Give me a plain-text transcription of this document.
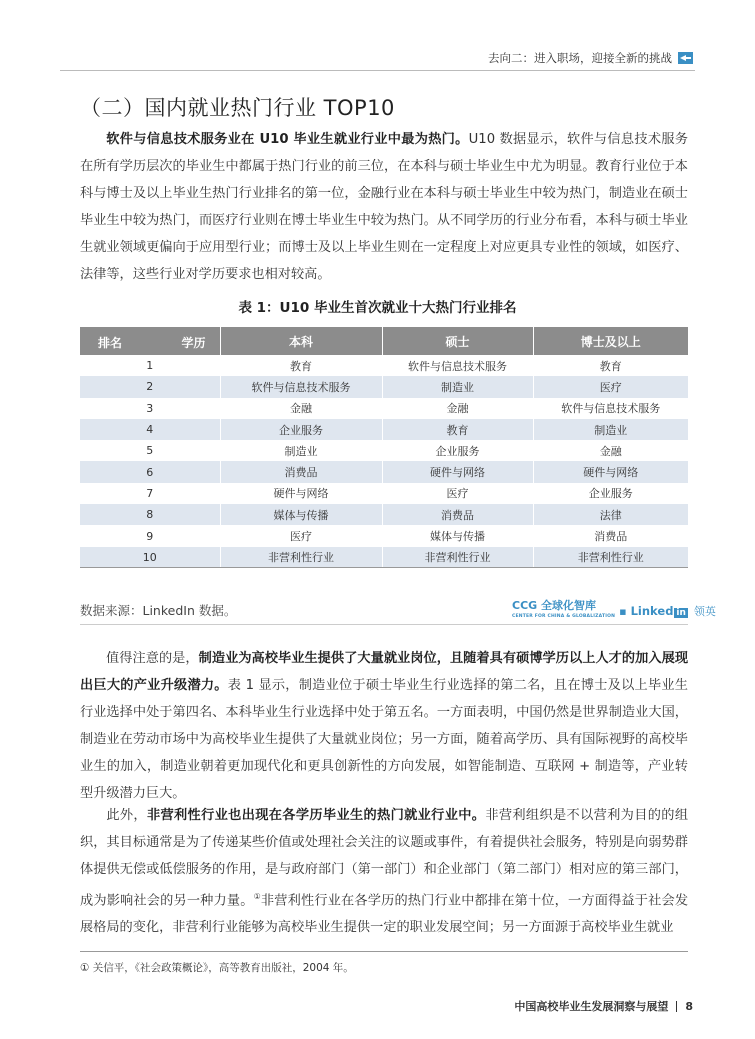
去向二：进入职场，迎接全新的挑战
（二）国内就业热门行业 TOP10
软件与信息技术服务业在 U10 毕业生就业行业中最为热门。U10 数据显示，软件与信息技术服务在所有学历层次的毕业生中都属于热门行业的前三位，在本科与硕士毕业生中尤为明显。教育行业位于本科与博士及以上毕业生热门行业排名的第一位，金融行业在本科与硕士毕业生中较为热门，制造业在硕士毕业生中较为热门，而医疗行业则在博士毕业生中较为热门。从不同学历的行业分布看，本科与硕士毕业生就业领域更偏向于应用型行业；而博士及以上毕业生则在一定程度上对应更具专业性的领域，如医疗、法律等，这些行业对学历要求也相对较高。
表 1：U10 毕业生首次就业十大热门行业排名
排名 学历	本科	硕士	博士及以上
1	教育	软件与信息技术服务	教育
2	软件与信息技术服务	制造业	医疗
3	金融	金融	软件与信息技术服务
4	企业服务	教育	制造业
5	制造业	企业服务	金融
6	消费品	硬件与网络	硬件与网络
7	硬件与网络	医疗	企业服务
8	媒体与传播	消费品	法律
9	医疗	媒体与传播	消费品
10	非营利性行业	非营利性行业	非营利性行业
数据来源：LinkedIn 数据。	CCG 全球化智库
CENTER FOR CHINA & GLOBALIZATION ▪ Linked in 领英
值得注意的是，制造业为高校毕业生提供了大量就业岗位，且随着具有硕博学历以上人才的加入展现出巨大的产业升级潜力。表 1 显示，制造业位于硕士毕业生行业选择的第二名，且在博士及以上毕业生行业选择中处于第四名、本科毕业生行业选择中处于第五名。一方面表明，中国仍然是世界制造业大国，制造业在劳动市场中为高校毕业生提供了大量就业岗位；另一方面，随着高学历、具有国际视野的高校毕业生的加入，制造业朝着更加现代化和更具创新性的方向发展，如智能制造、互联网 + 制造等，产业转型升级潜力巨大。
此外，非营利性行业也出现在各学历毕业生的热门就业行业中。非营利组织是不以营利为目的的组织，其目标通常是为了传递某些价值或处理社会关注的议题或事件，有着提供社会服务，特别是向弱势群体提供无偿或低偿服务的作用，是与政府部门（第一部门）和企业部门（第二部门）相对应的第三部门，成为影响社会的另一种力量。①非营利性行业在各学历的热门行业中都排在第十位，一方面得益于社会发展格局的变化，非营利行业能够为高校毕业生提供一定的职业发展空间；另一方面源于高校毕业生就业
① 关信平，《社会政策概论》，高等教育出版社，2004 年。
中国高校毕业生发展洞察与展望 8
